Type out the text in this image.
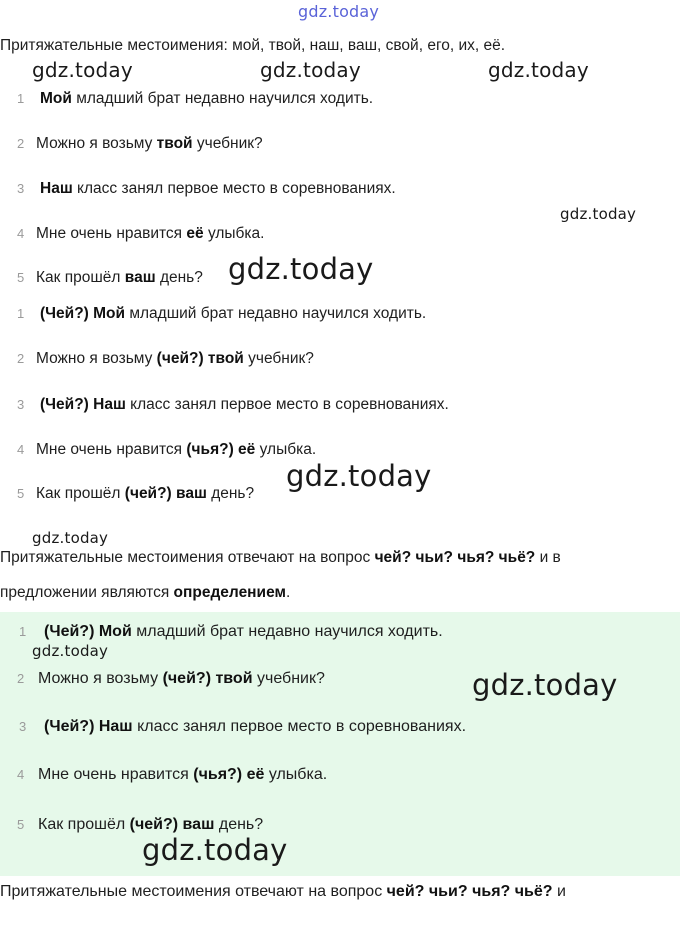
gdz.today
Притяжательные местоимения: мой, твой, наш, ваш, свой, его, их, её.
gdz.today	gdz.today	gdz.today
1	Мой младший брат недавно научился ходить.
2 Можно я возьму твой учебник?
3	Наш класс занял первое место в соревнованиях.
4 Мне очень нравится её улыбка.
5 Как прошёл ваш день?
gdz.today
gdz.today
1	(Чей?) Мой младший брат недавно научился ходить.
2 Можно я возьму (чей?) твой учебник?
3	(Чей?) Наш класс занял первое место в соревнованиях.
4 Мне очень нравится (чья?) её улыбка.
5 Как прошёл (чей?) ваш день?
gdz.today
gdz.today
Притяжательные местоимения отвечают на вопрос чей? чьи? чья? чьё? и в
предложении являются определением.
1	(Чей?) Мой младший брат недавно научился ходить.
2 Можно я возьму (чей?) твой учебник?
3	(Чей?) Наш класс занял первое место в соревнованиях.
4 Мне очень нравится (чья?) её улыбка.
5 Как прошёл (чей?) ваш день?
gdz.today
gdz.today
gdz.today
Притяжательные местоимения отвечают на вопрос чей? чьи? чья? чьё? и
